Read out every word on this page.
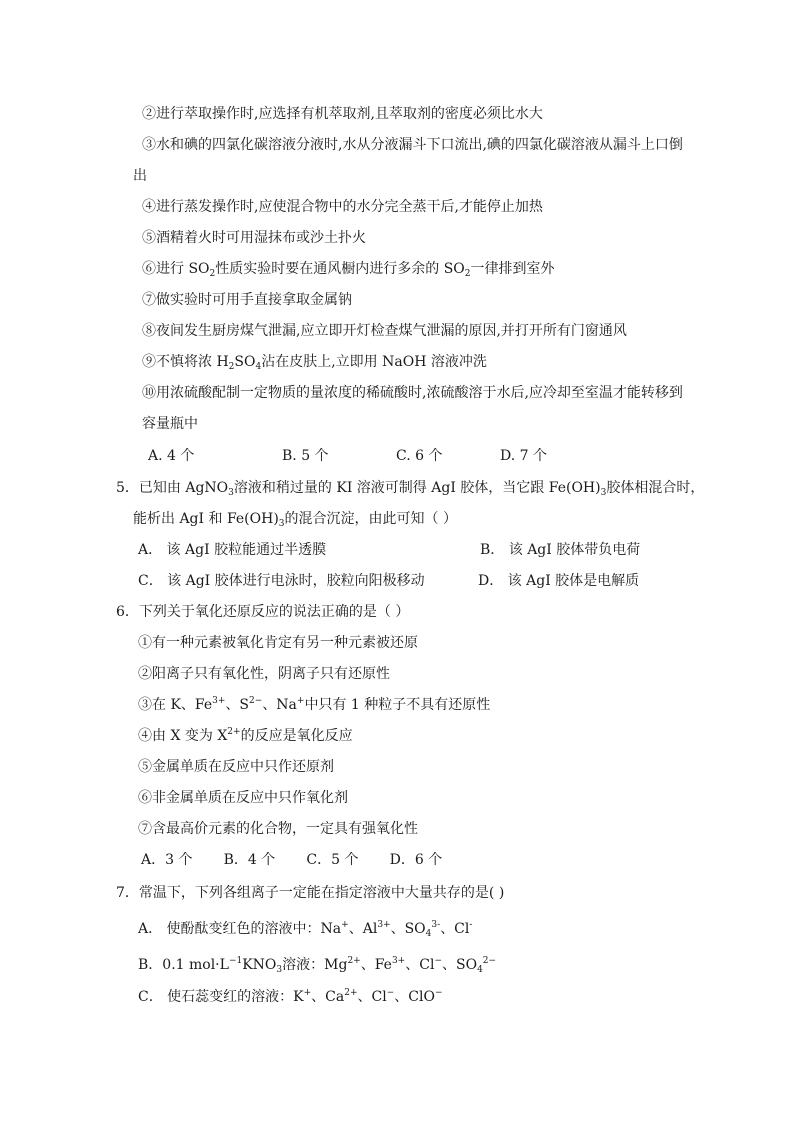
②进行萃取操作时,应选择有机萃取剂,且萃取剂的密度必须比水大
③水和碘的四氯化碳溶液分液时,水从分液漏斗下口流出,碘的四氯化碳溶液从漏斗上口倒
出
④进行蒸发操作时,应使混合物中的水分完全蒸干后,才能停止加热
⑤酒精着火时可用湿抹布或沙土扑火
⑥进行 $SO_2$性质实验时要在通风橱内进行多余的 $SO_2$一律排到室外
⑦做实验时可用手直接拿取金属钠
⑧夜间发生厨房煤气泄漏,应立即开灯检查煤气泄漏的原因,并打开所有门窗通风
⑨不慎将浓 $H_2SO_4$沾在皮肤上,立即用 NaOH 溶液冲洗
⑩用浓硫酸配制一定物质的量浓度的稀硫酸时,浓硫酸溶于水后,应冷却至室温才能转移到
容量瓶中
A. 4 个	B. 5 个	C. 6 个	D. 7 个
5．已知由 AgNO$_3$溶液和稍过量的 KI 溶液可制得 AgI 胶体，当它跟 $Fe(OH)_3$胶体相混合时，
能析出 AgI 和 $Fe(OH)_3$的混合沉淀，由此可知（ ）
A． 该 AgI 胶粒能通过半透膜	B． 该 AgI 胶体带负电荷
C． 该 AgI 胶体进行电泳时，胶粒向阳极移动	D． 该 AgI 胶体是电解质
6．下列关于氧化还原反应的说法正确的是（ ）
①有一种元素被氧化肯定有另一种元素被还原
②阳离子只有氧化性，阴离子只有还原性
③在 K、$Fe^{3+}$、$S^{2-}$、Na+中只有 1 种粒子不具有还原性
④由 X 变为 $X^{2+}$的反应是氧化反应
⑤金属单质在反应中只作还原剂
⑥非金属单质在反应中只作氧化剂
⑦含最高价元素的化合物，一定具有强氧化性
A．3 个       B．4 个       C．5 个       D．6 个
7．常温下，下列各组离子一定能在指定溶液中大量共存的是( )
A． 使酚酞变红色的溶液中：Na+、$Al^{3+}$、$SO_4^{3-}$、Cl-
B．0.1 $mol\cdot L^{-1}KNO_3$溶液：$Mg^{2+}$、$Fe^{3+}$、Cl−、$SO_4^{2-}$
C． 使石蕊变红的溶液：K+、$Ca^{2+}$、Cl−、ClO−
